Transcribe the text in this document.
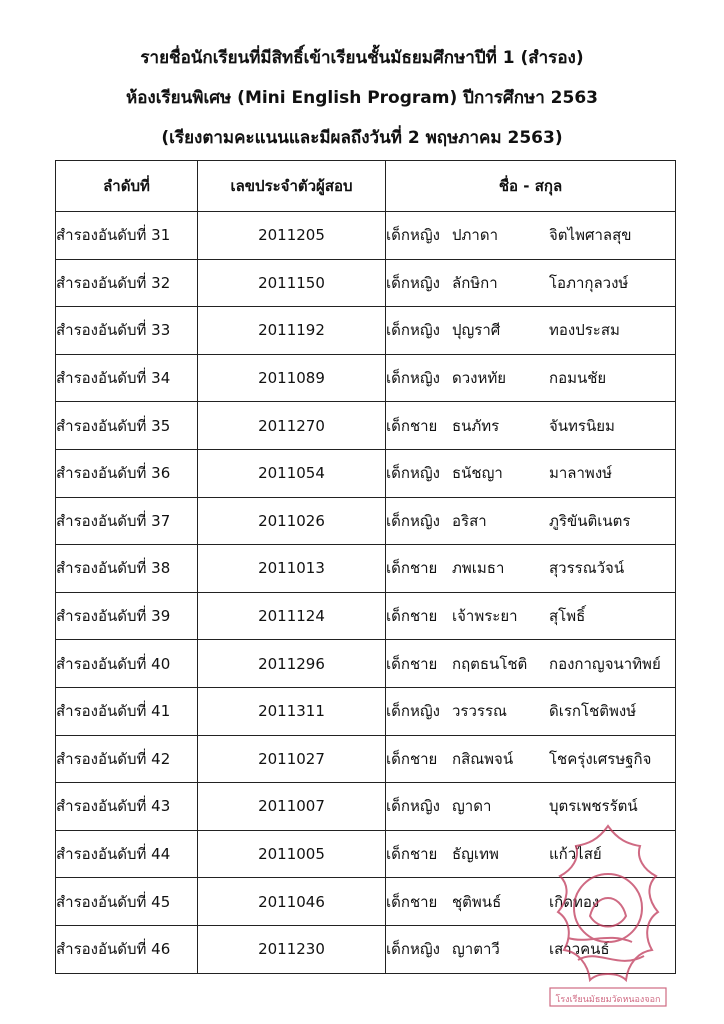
รายชื่อนักเรียนที่มีสิทธิ์เข้าเรียนชั้นมัธยมศึกษาปีที่ 1 (สำรอง)
ห้องเรียนพิเศษ (Mini English Program) ปีการศึกษา 2563
(เรียงตามคะแนนและมีผลถึงวันที่ 2 พฤษภาคม 2563)
ลำดับที่	เลขประจำตัวผู้สอบ	ชื่อ - สกุล
สำรองอันดับที่ 31	2011205	เด็กหญิง ปภาดา จิตไพศาลสุข
สำรองอันดับที่ 32	2011150	เด็กหญิง ลักษิกา โอภากุลวงษ์
สำรองอันดับที่ 33	2011192	เด็กหญิง ปุญราศี ทองประสม
สำรองอันดับที่ 34	2011089	เด็กหญิง ดวงหทัย กอมนชัย
สำรองอันดับที่ 35	2011270	เด็กชาย ธนภัทร จันทรนิยม
สำรองอันดับที่ 36	2011054	เด็กหญิง ธนัชญา มาลาพงษ์
สำรองอันดับที่ 37	2011026	เด็กหญิง อริสา ภูริขันติเนตร
สำรองอันดับที่ 38	2011013	เด็กชาย ภพเมธา สุวรรณวัจน์
สำรองอันดับที่ 39	2011124	เด็กชาย เจ้าพระยา สุโพธิ์
สำรองอันดับที่ 40	2011296	เด็กชาย กฤตธนโชติ กองกาญจนาทิพย์
สำรองอันดับที่ 41	2011311	เด็กหญิง วรวรรณ ดิเรกโชติพงษ์
สำรองอันดับที่ 42	2011027	เด็กชาย กสิณพจน์ โชครุ่งเศรษฐกิจ
สำรองอันดับที่ 43	2011007	เด็กหญิง ญาดา บุตรเพชรรัตน์
สำรองอันดับที่ 44	2011005	เด็กชาย ธัญเทพ แก้วไสย์
สำรองอันดับที่ 45	2011046	เด็กชาย ชุติพนธ์ เกิดทอง
สำรองอันดับที่ 46	2011230	เด็กหญิง ญาตาวี เสาวคนธ์
โรงเรียนมัธยมวัดหนองจอก
